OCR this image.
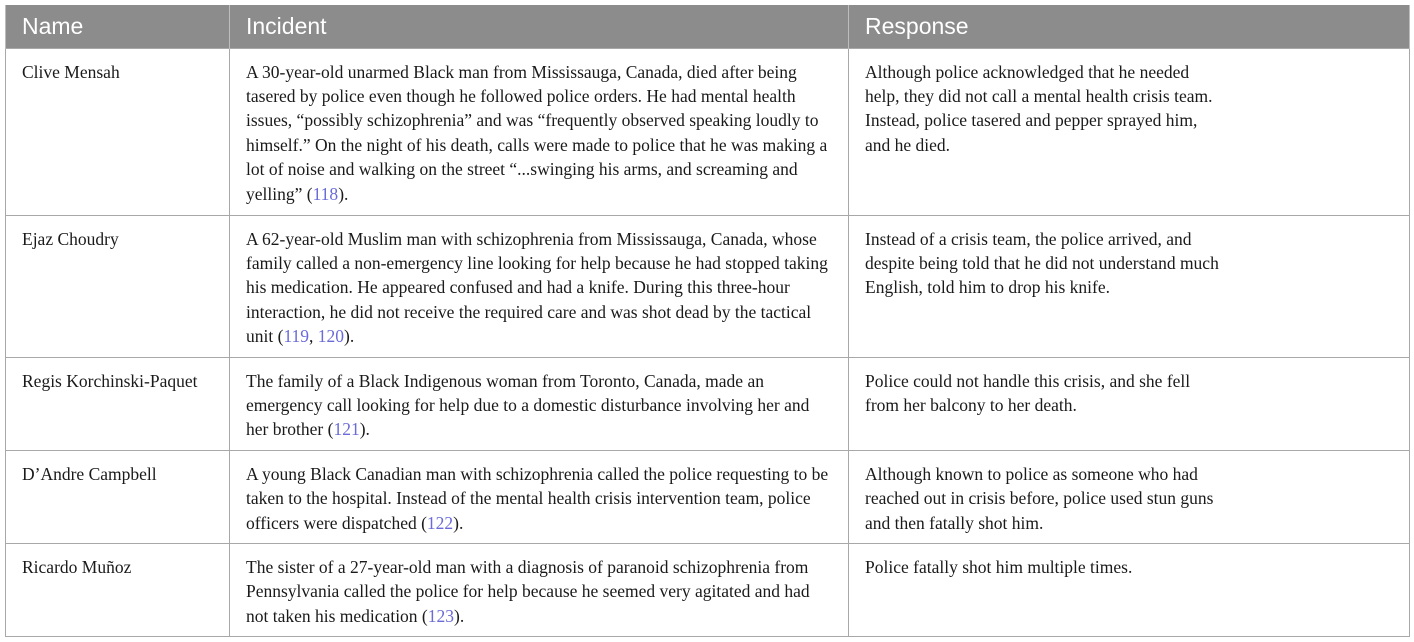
Name	Incident	Response
Clive Mensah	A 30-year-old unarmed Black man from Mississauga, Canada, died after being tasered by police even though he followed police orders. He had mental health issues, “possibly schizophrenia” and was “frequently observed speaking loudly to himself.” On the night of his death, calls were made to police that he was making a lot of noise and walking on the street “...swinging his arms, and screaming and yelling” (118).	Although police acknowledged that he needed help, they did not call a mental health crisis team. Instead, police tasered and pepper sprayed him, and he died.

Ejaz Choudry	A 62-year-old Muslim man with schizophrenia from Mississauga, Canada, whose family called a non-emergency line looking for help because he had stopped taking his medication. He appeared confused and had a knife. During this three-hour interaction, he did not receive the required care and was shot dead by the tactical unit (119, 120).	Instead of a crisis team, the police arrived, and despite being told that he did not understand much English, told him to drop his knife.

Regis Korchinski-Paquet	The family of a Black Indigenous woman from Toronto, Canada, made an emergency call looking for help due to a domestic disturbance involving her and her brother (121).	Police could not handle this crisis, and she fell from her balcony to her death.

D’Andre Campbell	A young Black Canadian man with schizophrenia called the police requesting to be taken to the hospital. Instead of the mental health crisis intervention team, police officers were dispatched (122).	Although known to police as someone who had reached out in crisis before, police used stun guns and then fatally shot him.

Ricardo Muñoz	The sister of a 27-year-old man with a diagnosis of paranoid schizophrenia from Pennsylvania called the police for help because he seemed very agitated and had not taken his medication (123).	Police fatally shot him multiple times.
